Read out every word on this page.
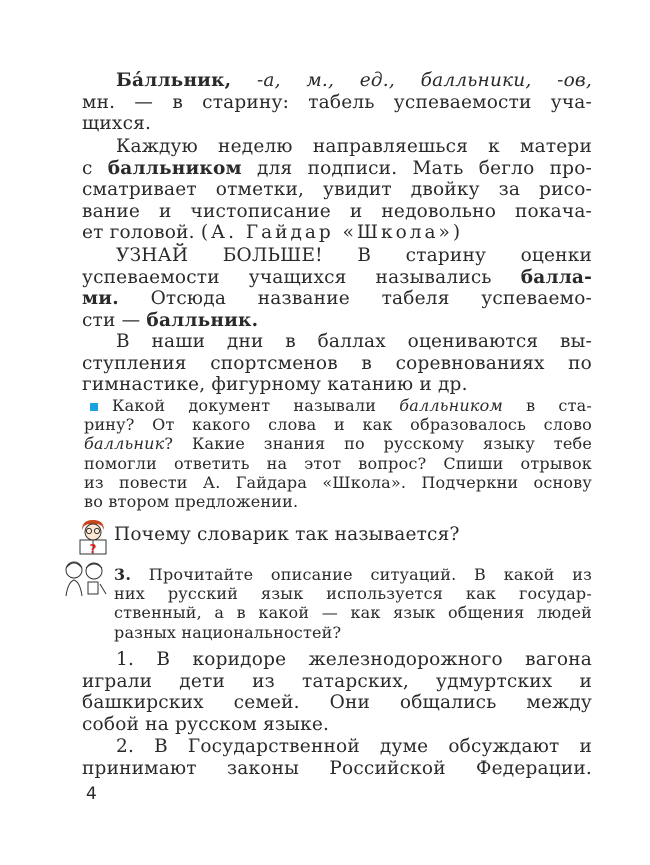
Ба́лльник, -а, м., ед., балльники, -ов,
мн. — в старину: табель успеваемости уча-
щихся.
Каждую неделю направляешься к матери
с балльником для подписи. Мать бегло про-
сматривает отметки, увидит двойку за рисо-
вание и чистописание и недовольно покача-
ет головой. (А. Гайдар «Школа»)
УЗНАЙ БОЛЬШЕ! В старину оценки
успеваемости учащихся назывались балла-
ми. Отсюда название табеля успеваемо-
сти — балльник.
В наши дни в баллах оцениваются вы-
ступления спортсменов в соревнованиях по
гимнастике, фигурному катанию и др.
Какой документ называли балльником в ста-
рину? От какого слова и как образовалось слово
балльник? Какие знания по русскому языку тебе
помогли ответить на этот вопрос? Спиши отрывок
из повести А. Гайдара «Школа». Подчеркни основу
во втором предложении.
?
Почему словарик так называется?
3. Прочитайте описание ситуаций. В какой из
них русский язык используется как государ-
ственный, а в какой — как язык общения людей
разных национальностей?
1. В коридоре железнодорожного вагона
играли дети из татарских, удмуртских и
башкирских семей. Они общались между
собой на русском языке.
2. В Государственной думе обсуждают и
принимают законы Российской Федерации.
4
